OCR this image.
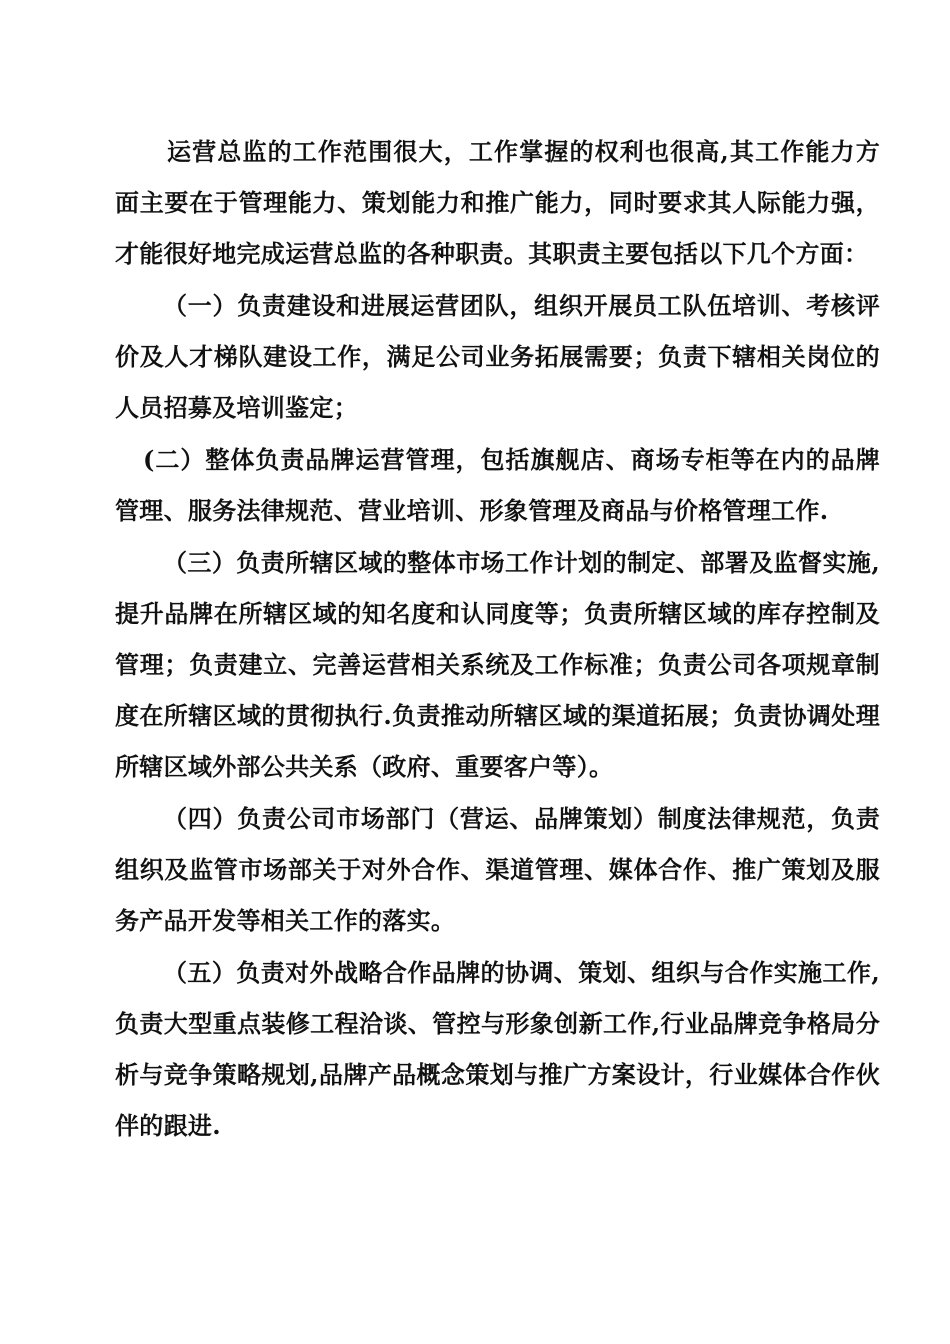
运营总监的工作范围很大，工作掌握的权利也很高,其工作能力方面主要在于管理能力、策划能力和推广能力，同时要求其人际能力强，才能很好地完成运营总监的各种职责。其职责主要包括以下几个方面：

（一）负责建设和进展运营团队，组织开展员工队伍培训、考核评价及人才梯队建设工作，满足公司业务拓展需要；负责下辖相关岗位的人员招募及培训鉴定；

(二）整体负责品牌运营管理，包括旗舰店、商场专柜等在内的品牌管理、服务法律规范、营业培训、形象管理及商品与价格管理工作.

（三）负责所辖区域的整体市场工作计划的制定、部署及监督实施,提升品牌在所辖区域的知名度和认同度等；负责所辖区域的库存控制及管理；负责建立、完善运营相关系统及工作标准；负责公司各项规章制度在所辖区域的贯彻执行.负责推动所辖区域的渠道拓展；负责协调处理所辖区域外部公共关系（政府、重要客户等）。

（四）负责公司市场部门（营运、品牌策划）制度法律规范，负责组织及监管市场部关于对外合作、渠道管理、媒体合作、推广策划及服务产品开发等相关工作的落实。

（五）负责对外战略合作品牌的协调、策划、组织与合作实施工作,负责大型重点装修工程洽谈、管控与形象创新工作,行业品牌竞争格局分析与竞争策略规划,品牌产品概念策划与推广方案设计，行业媒体合作伙伴的跟进.
